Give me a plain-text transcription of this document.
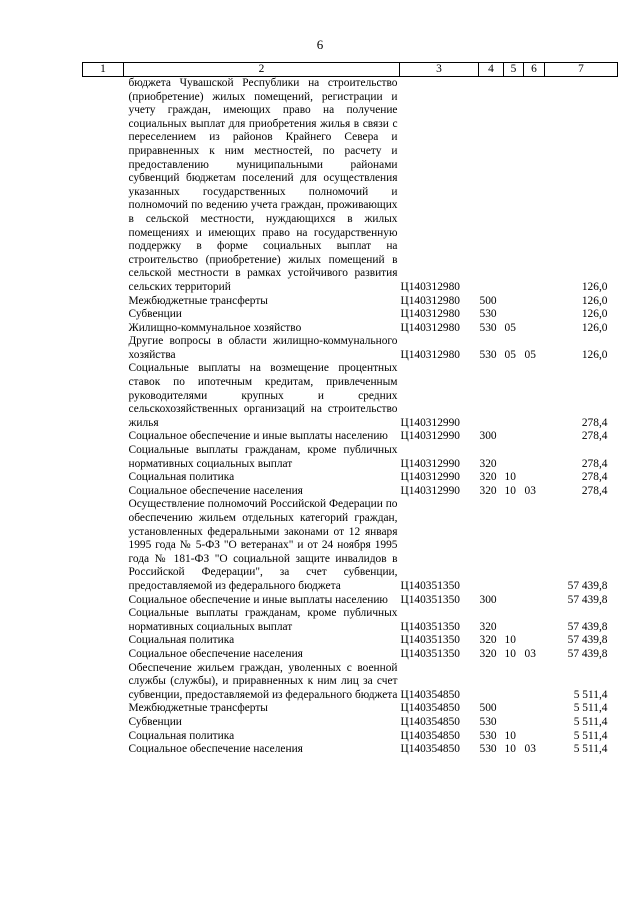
6
1	2	3	4	5	6	7
	бюджета Чувашской Республики на строительство (приобретение) жилых помещений, регистрации и учету граждан, имеющих право на получение социальных выплат для приобретения жилья в связи с переселением из районов Крайнего Севера и приравненных к ним местностей, по расчету и предоставлению муниципальными районами субвенций бюджетам поселений для осуществления указанных государственных полномочий и полномочий по ведению учета граждан, проживающих в сельской местности, нуждающихся в жилых помещениях и имеющих право на государственную поддержку в форме социальных выплат на строительство (приобретение) жилых помещений в сельской местности в рамках устойчивого развития сельских территорий	Ц140312980				126,0
	Межбюджетные трансферты	Ц140312980	500			126,0
	Субвенции	Ц140312980	530			126,0
	Жилищно-коммунальное хозяйство	Ц140312980	530	05		126,0
	Другие вопросы в области жилищно-коммунального хозяйства	Ц140312980	530	05	05	126,0
	Социальные выплаты на возмещение процентных ставок по ипотечным кредитам, привлеченным руководителями крупных и средних сельскохозяйственных организаций на строительство жилья	Ц140312990				278,4
	Социальное обеспечение и иные выплаты населению	Ц140312990	300			278,4
	Социальные выплаты гражданам, кроме публичных нормативных социальных выплат	Ц140312990	320			278,4
	Социальная политика	Ц140312990	320	10		278,4
	Социальное обеспечение населения	Ц140312990	320	10	03	278,4
	Осуществление полномочий Российской Федерации по обеспечению жильем отдельных категорий граждан, установленных федеральными законами от 12 января 1995 года № 5-ФЗ "О ветеранах" и от 24 ноября 1995 года № 181-ФЗ "О социальной защите инвалидов в Российской Федерации", за счет субвенции, предоставляемой из федерального бюджета	Ц140351350				57 439,8
	Социальное обеспечение и иные выплаты населению	Ц140351350	300			57 439,8
	Социальные выплаты гражданам, кроме публичных нормативных социальных выплат	Ц140351350	320			57 439,8
	Социальная политика	Ц140351350	320	10		57 439,8
	Социальное обеспечение населения	Ц140351350	320	10	03	57 439,8
	Обеспечение жильем граждан, уволенных с военной службы (службы), и приравненных к ним лиц за счет субвенции, предоставляемой из федерального бюджета	Ц140354850				5 511,4
	Межбюджетные трансферты	Ц140354850	500			5 511,4
	Субвенции	Ц140354850	530			5 511,4
	Социальная политика	Ц140354850	530	10		5 511,4
	Социальное обеспечение населения	Ц140354850	530	10	03	5 511,4
